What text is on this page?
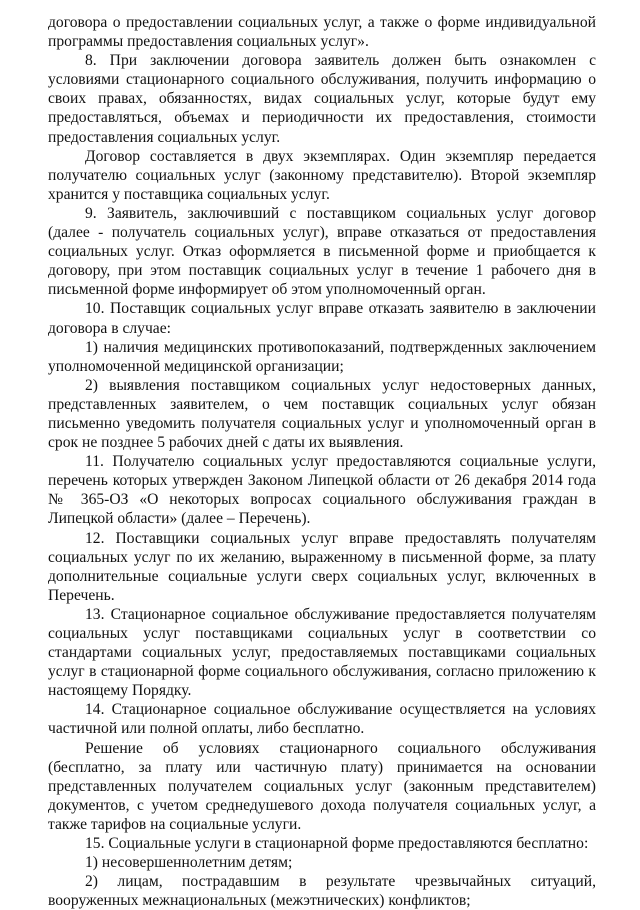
договора о предоставлении социальных услуг, а также о форме индивидуальной программы предоставления социальных услуг».

8. При заключении договора заявитель должен быть ознакомлен с условиями стационарного социального обслуживания, получить информацию о своих правах, обязанностях, видах социальных услуг, которые будут ему предоставляться, объемах и периодичности их предоставления, стоимости предоставления социальных услуг.

Договор составляется в двух экземплярах. Один экземпляр передается получателю социальных услуг (законному представителю). Второй экземпляр хранится у поставщика социальных услуг.

9. Заявитель, заключивший с поставщиком социальных услуг договор (далее - получатель социальных услуг), вправе отказаться от предоставления социальных услуг. Отказ оформляется в письменной форме и приобщается к договору, при этом поставщик социальных услуг в течение 1 рабочего дня в письменной форме информирует об этом уполномоченный орган.

10. Поставщик социальных услуг вправе отказать заявителю в заключении договора в случае:

1) наличия медицинских противопоказаний, подтвержденных заключением уполномоченной медицинской организации;

2) выявления поставщиком социальных услуг недостоверных данных, представленных заявителем, о чем поставщик социальных услуг обязан письменно уведомить получателя социальных услуг и уполномоченный орган в срок не позднее 5 рабочих дней с даты их выявления.

11. Получателю социальных услуг предоставляются социальные услуги, перечень которых утвержден Законом Липецкой области от 26 декабря 2014 года № 365-ОЗ «О некоторых вопросах социального обслуживания граждан в Липецкой области» (далее – Перечень).

12. Поставщики социальных услуг вправе предоставлять получателям социальных услуг по их желанию, выраженному в письменной форме, за плату дополнительные социальные услуги сверх социальных услуг, включенных в Перечень.

13. Стационарное социальное обслуживание предоставляется получателям социальных услуг поставщиками социальных услуг в соответствии со стандартами социальных услуг, предоставляемых поставщиками социальных услуг в стационарной форме социального обслуживания, согласно приложению к настоящему Порядку.

14. Стационарное социальное обслуживание осуществляется на условиях частичной или полной оплаты, либо бесплатно.

Решение об условиях стационарного социального обслуживания (бесплатно, за плату или частичную плату) принимается на основании представленных получателем социальных услуг (законным представителем) документов, с учетом среднедушевого дохода получателя социальных услуг, а также тарифов на социальные услуги.

15. Социальные услуги в стационарной форме предоставляются бесплатно:

1) несовершеннолетним детям;

2) лицам, пострадавшим в результате чрезвычайных ситуаций, вооруженных межнациональных (межэтнических) конфликтов;
